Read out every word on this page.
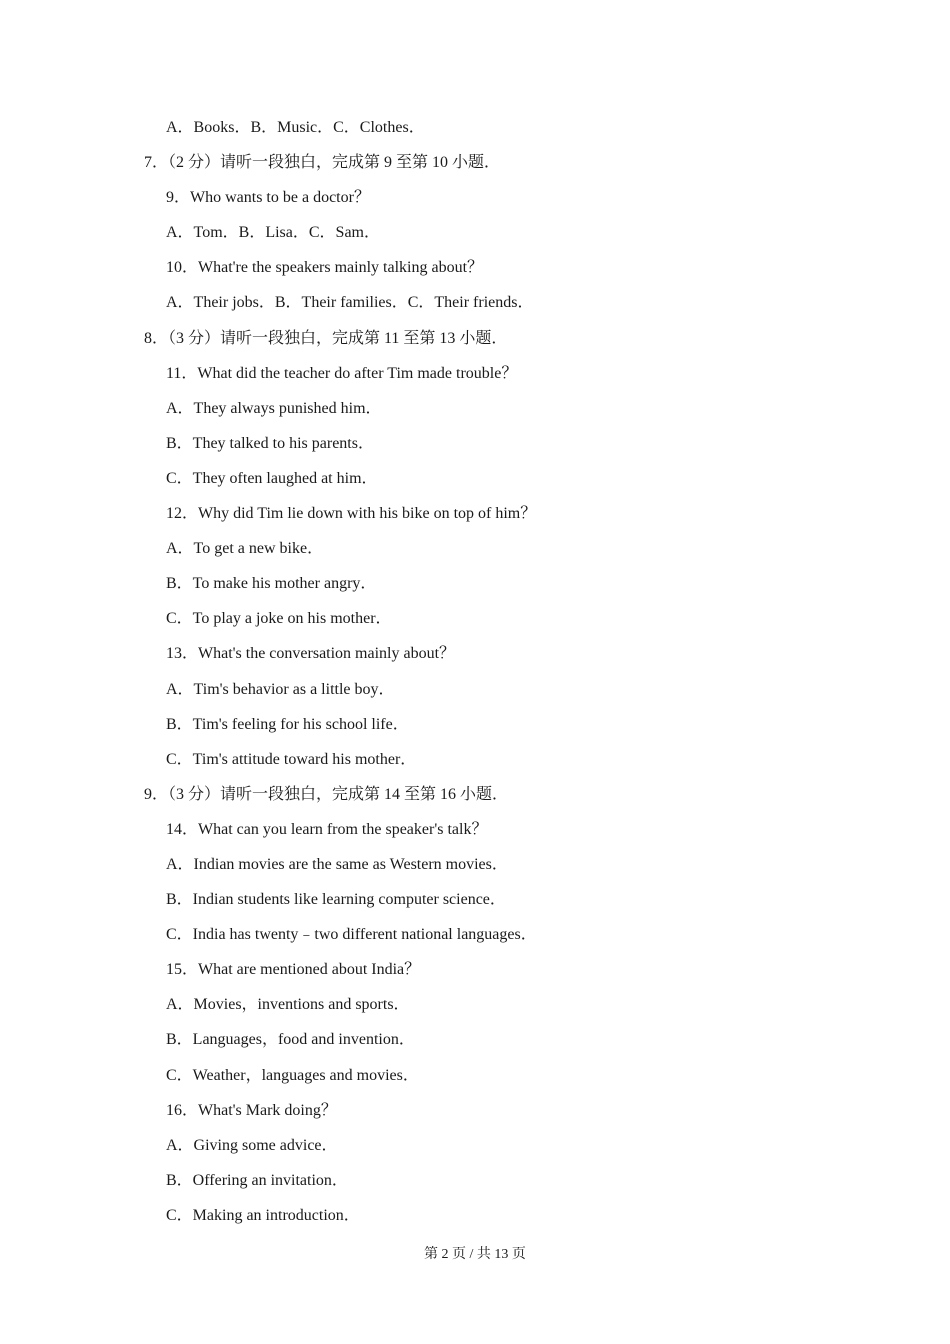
A．Books．B．Music．C．Clothes．
7．（2 分）请听一段独白，完成第 9 至第 10 小题．
9．Who wants to be a doctor？
A．Tom．B．Lisa．C．Sam．
10．What're the speakers mainly talking about？
A．Their jobs．B．Their families．C．Their friends．
8．（3 分）请听一段独白，完成第 11 至第 13 小题．
11．What did the teacher do after Tim made trouble？
A．They always punished him．
B．They talked to his parents．
C．They often laughed at him．
12．Why did Tim lie down with his bike on top of him？
A．To get a new bike．
B．To make his mother angry．
C．To play a joke on his mother．
13．What's the conversation mainly about？
A．Tim's behavior as a little boy．
B．Tim's feeling for his school life．
C．Tim's attitude toward his mother．
9．（3 分）请听一段独白，完成第 14 至第 16 小题．
14．What can you learn from the speaker's talk？
A．Indian movies are the same as Western movies．
B．Indian students like learning computer science．
C．India has twenty﹣two different national languages．
15．What are mentioned about India？
A．Movies，inventions and sports．
B．Languages，food and invention．
C．Weather，languages and movies．
16．What's Mark doing？
A．Giving some advice．
B．Offering an invitation．
C．Making an introduction．
第 2 页 / 共 13 页
